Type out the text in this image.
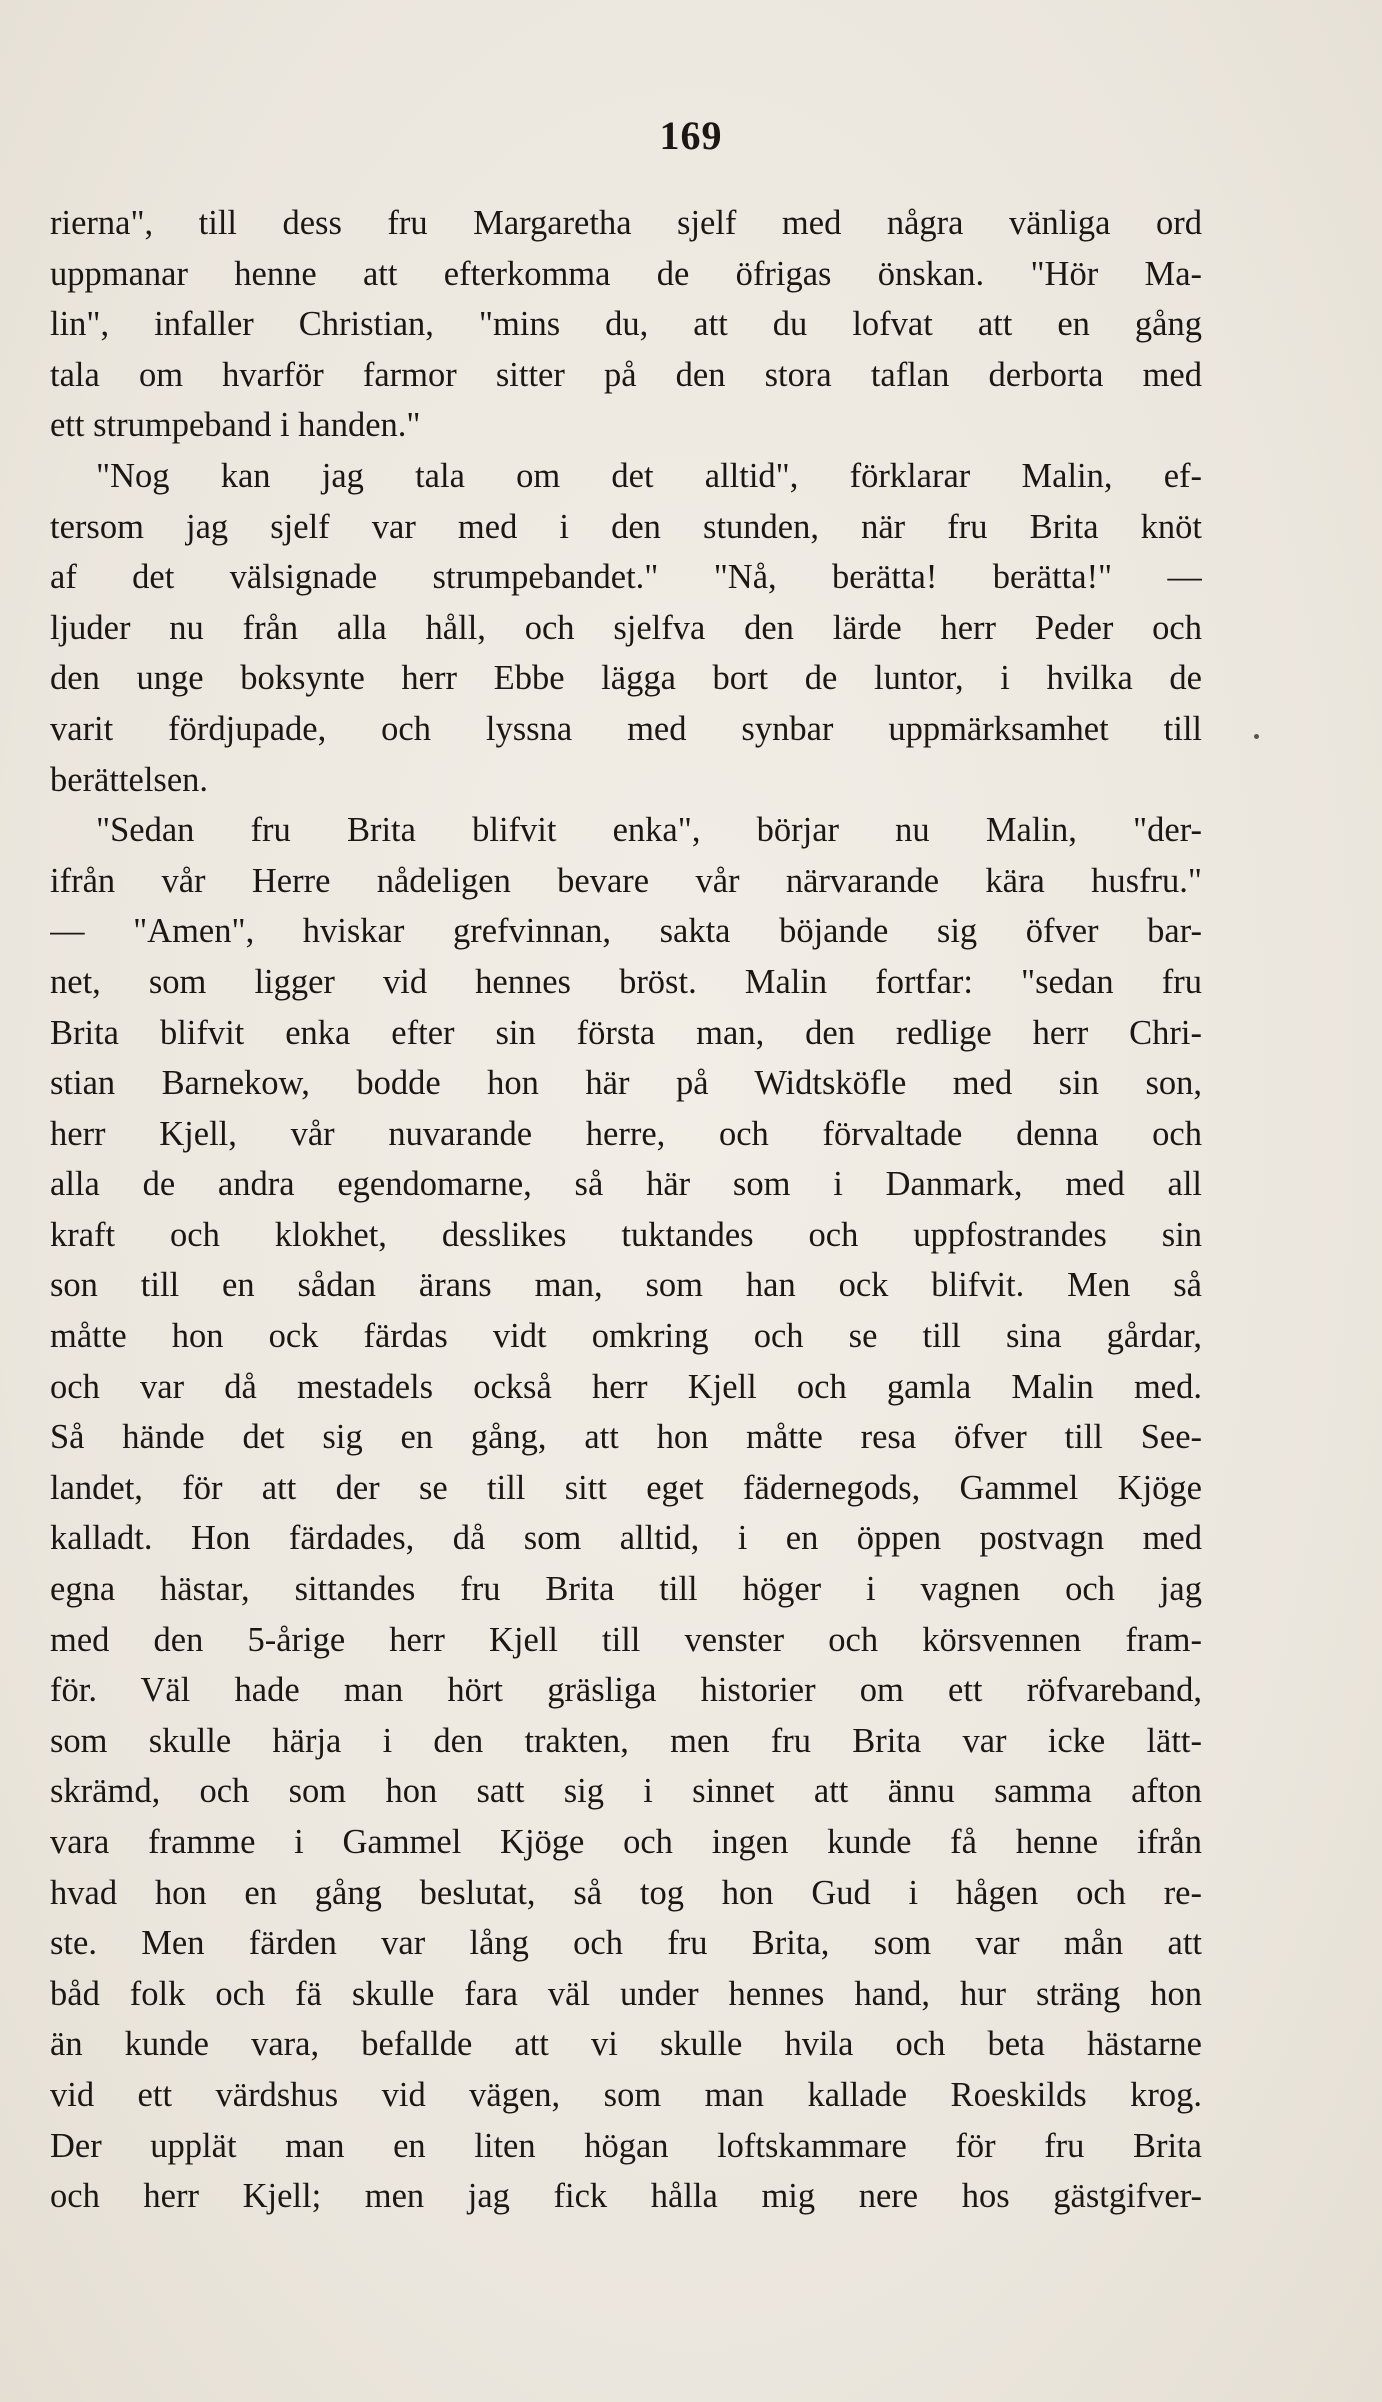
169
rierna", till dess fru Margaretha sjelf med några vänliga ord
uppmanar henne att efterkomma de öfrigas önskan. "Hör Ma-
lin", infaller Christian, "mins du, att du lofvat att en gång
tala om hvarför farmor sitter på den stora taflan derborta med
ett strumpeband i handen."
"Nog kan jag tala om det alltid", förklarar Malin, ef-
tersom jag sjelf var med i den stunden, när fru Brita knöt
af det välsignade strumpebandet." "Nå, berätta! berätta!" —
ljuder nu från alla håll, och sjelfva den lärde herr Peder och
den unge boksynte herr Ebbe lägga bort de luntor, i hvilka de
varit fördjupade, och lyssna med synbar uppmärksamhet till
berättelsen.
"Sedan fru Brita blifvit enka", börjar nu Malin, "der-
ifrån vår Herre nådeligen bevare vår närvarande kära husfru."
— "Amen", hviskar grefvinnan, sakta böjande sig öfver bar-
net, som ligger vid hennes bröst. Malin fortfar: "sedan fru
Brita blifvit enka efter sin första man, den redlige herr Chri-
stian Barnekow, bodde hon här på Widtsköfle med sin son,
herr Kjell, vår nuvarande herre, och förvaltade denna och
alla de andra egendomarne, så här som i Danmark, med all
kraft och klokhet, desslikes tuktandes och uppfostrandes sin
son till en sådan ärans man, som han ock blifvit. Men så
måtte hon ock färdas vidt omkring och se till sina gårdar,
och var då mestadels också herr Kjell och gamla Malin med.
Så hände det sig en gång, att hon måtte resa öfver till See-
landet, för att der se till sitt eget fädernegods, Gammel Kjöge
kalladt. Hon färdades, då som alltid, i en öppen postvagn med
egna hästar, sittandes fru Brita till höger i vagnen och jag
med den 5-årige herr Kjell till venster och körsvennen fram-
för. Väl hade man hört gräsliga historier om ett röfvareband,
som skulle härja i den trakten, men fru Brita var icke lätt-
skrämd, och som hon satt sig i sinnet att ännu samma afton
vara framme i Gammel Kjöge och ingen kunde få henne ifrån
hvad hon en gång beslutat, så tog hon Gud i hågen och re-
ste. Men färden var lång och fru Brita, som var mån att
båd folk och fä skulle fara väl under hennes hand, hur sträng hon
än kunde vara, befallde att vi skulle hvila och beta hästarne
vid ett värdshus vid vägen, som man kallade Roeskilds krog.
Der upplät man en liten högan loftskammare för fru Brita
och herr Kjell; men jag fick hålla mig nere hos gästgifver-
